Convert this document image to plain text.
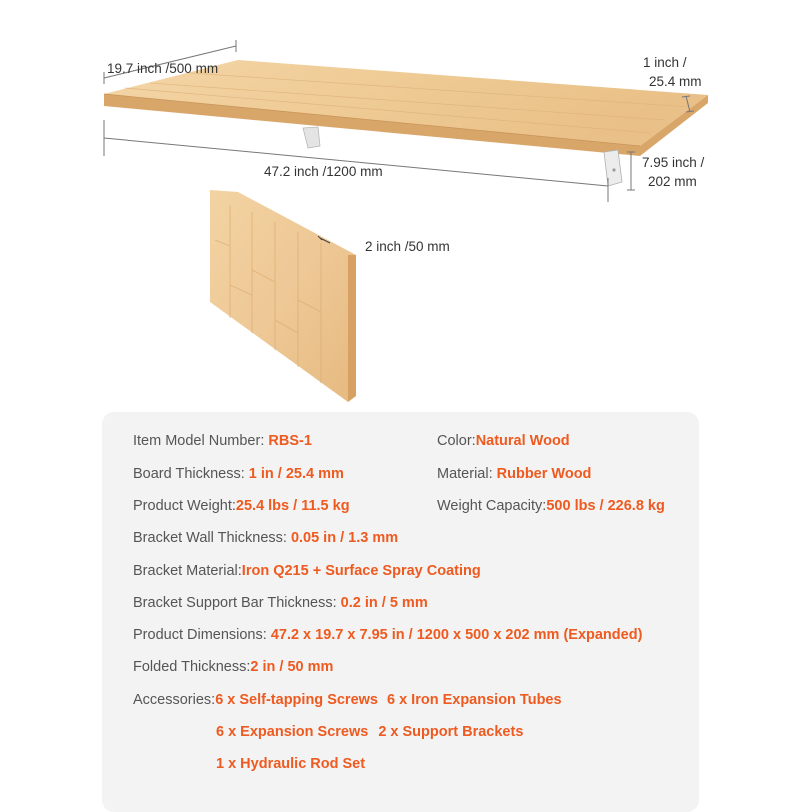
19.7 inch /500 mm	1 inch /
25.4 mm
47.2 inch /1200 mm
7.95 inch /
202 mm
2 inch /50 mm
Item Model Number: RBS-1	Color:Natural Wood
Board Thickness: 1 in / 25.4 mm	Material: Rubber Wood
Product Weight:25.4 lbs / 11.5 kg	Weight Capacity:500 lbs / 226.8 kg
Bracket Wall Thickness: 0.05 in / 1.3 mm
Bracket Material:Iron Q215 + Surface Spray Coating
Bracket Support Bar Thickness: 0.2 in / 5 mm
Product Dimensions: 47.2 x 19.7 x 7.95 in / 1200 x 500 x 202 mm (Expanded)
Folded Thickness:2 in / 50 mm
Accessories:6 x Self-tapping Screws 6 x Iron Expansion Tubes
6 x Expansion Screws 2 x Support Brackets
1 x Hydraulic Rod Set
